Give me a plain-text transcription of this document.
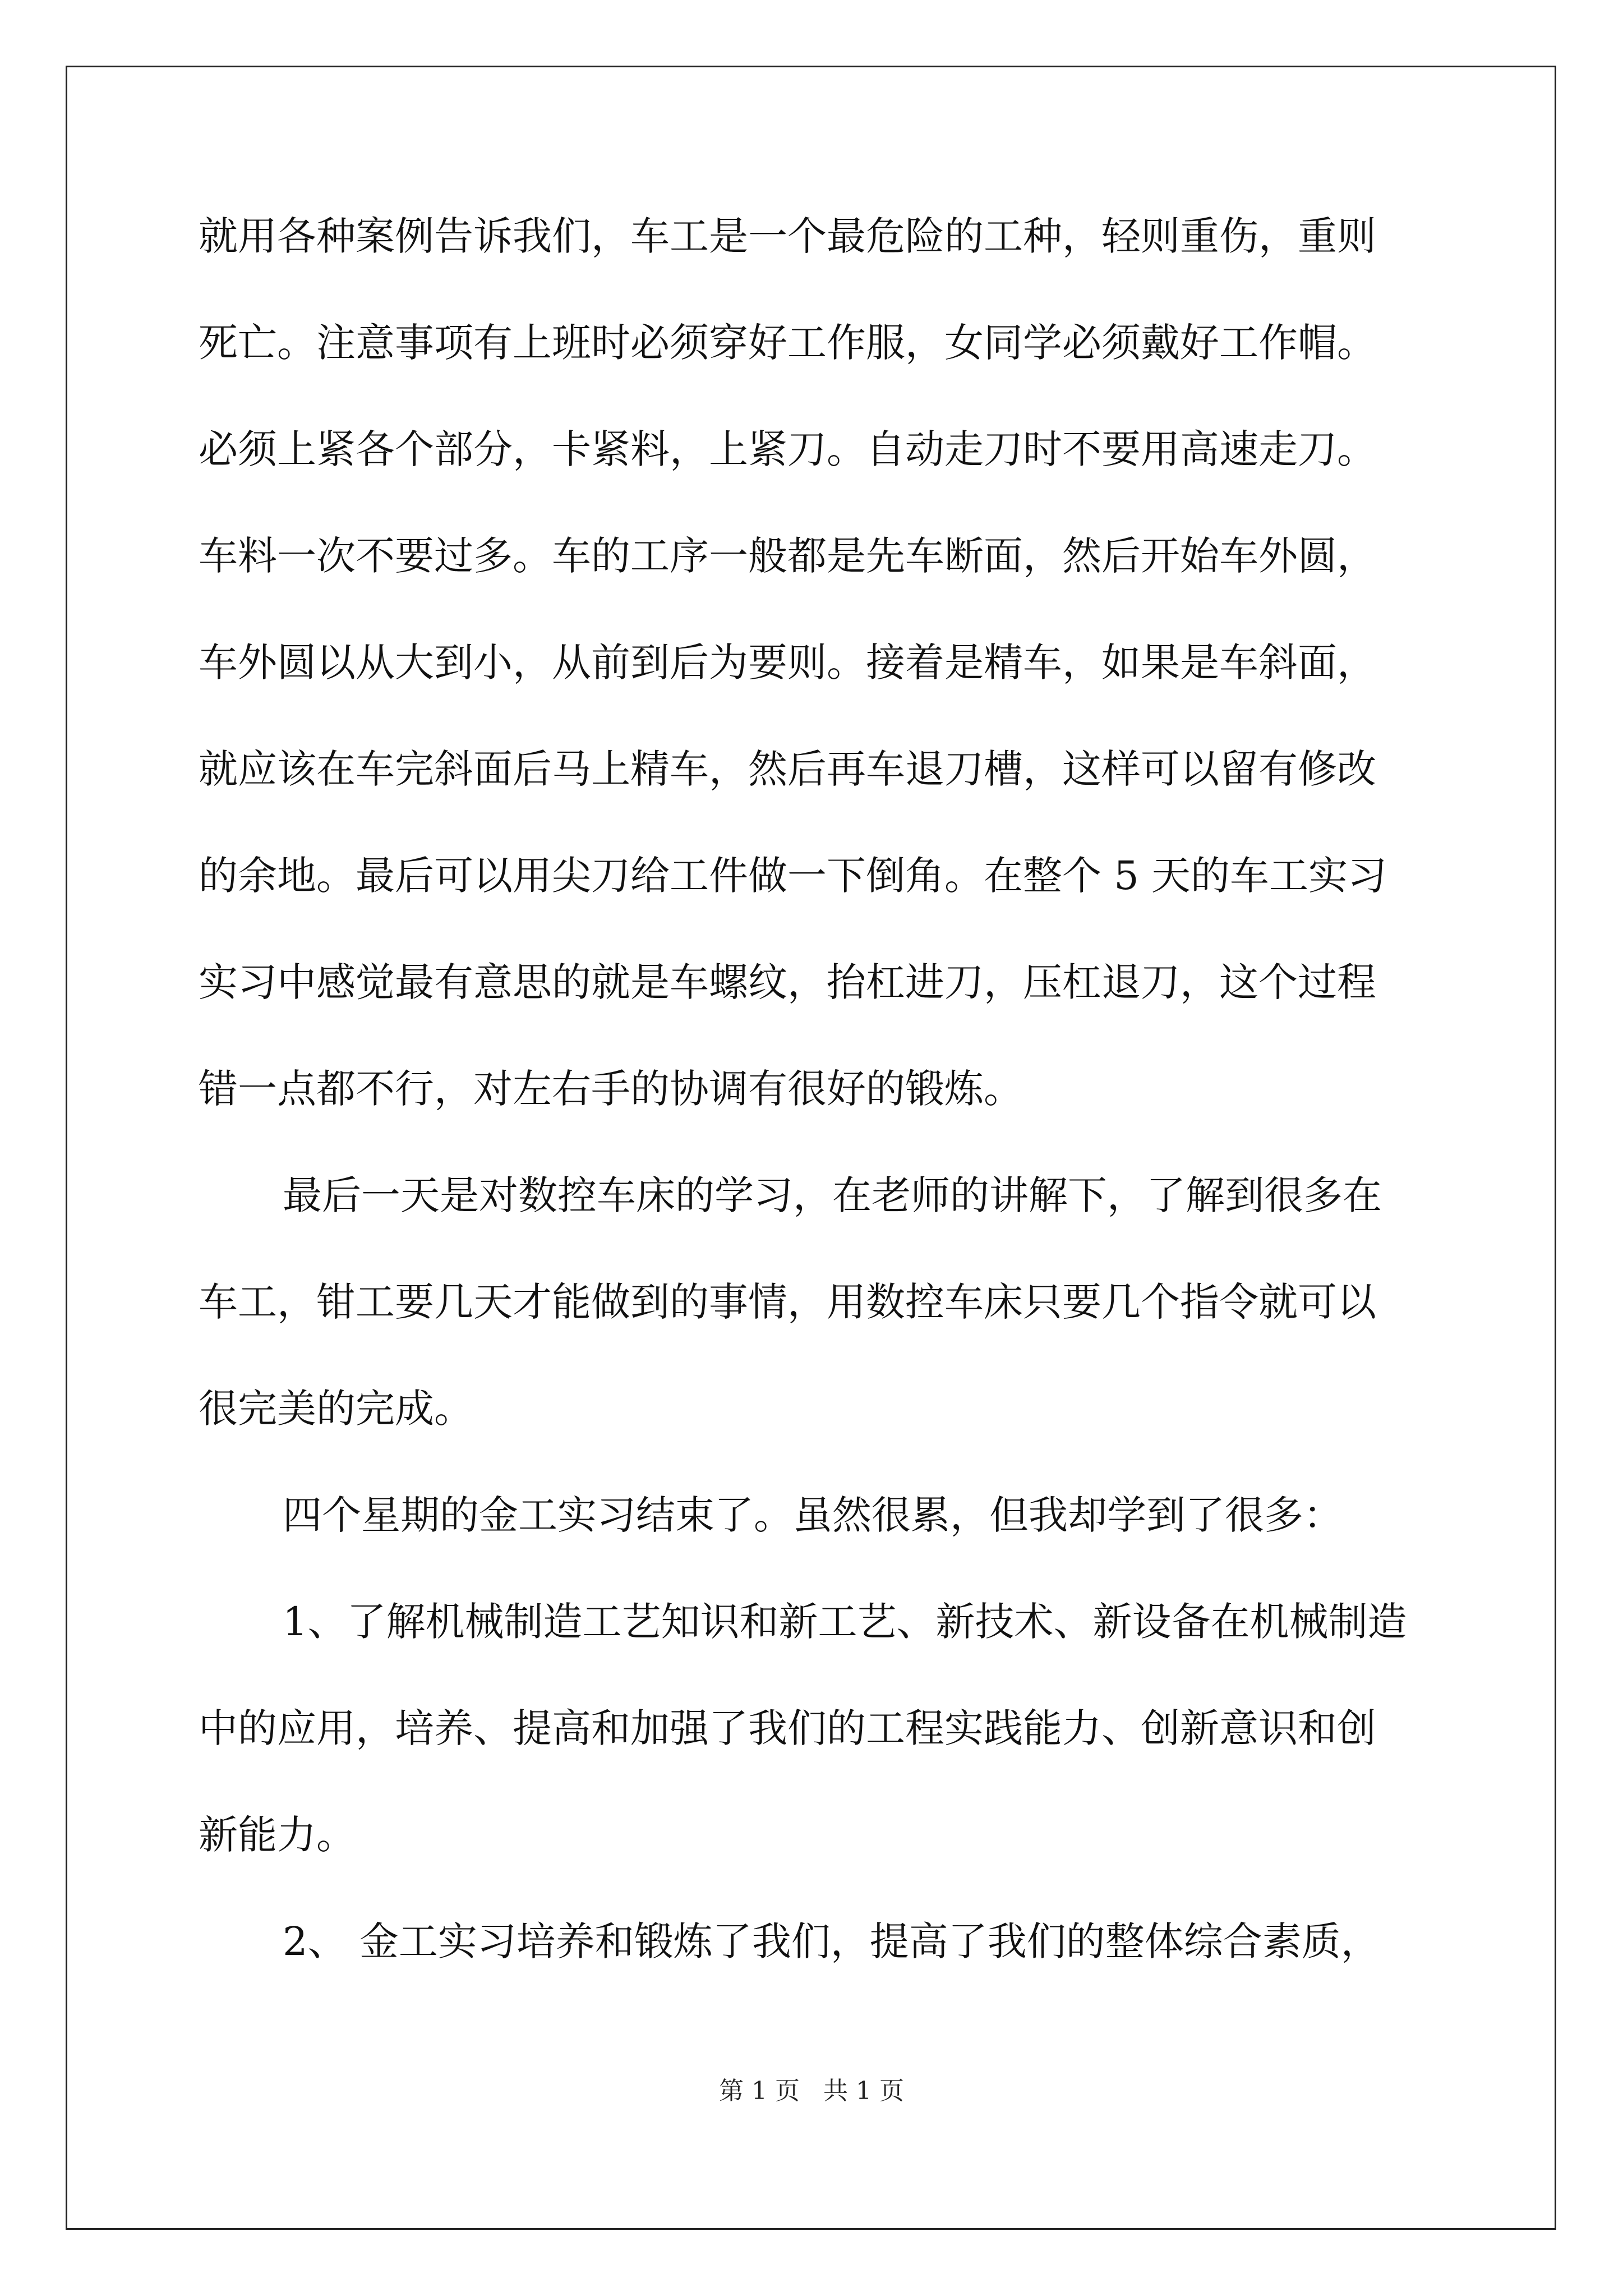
就用各种案例告诉我们，车工是一个最危险的工种，轻则重伤，重则
死亡。注意事项有上班时必须穿好工作服，女同学必须戴好工作帽。
必须上紧各个部分，卡紧料，上紧刀。自动走刀时不要用高速走刀。
车料一次不要过多。车的工序一般都是先车断面，然后开始车外圆，
车外圆以从大到小，从前到后为要则。接着是精车，如果是车斜面，
就应该在车完斜面后马上精车，然后再车退刀槽，这样可以留有修改
的余地。最后可以用尖刀给工件做一下倒角。在整个 5 天的车工实习
实习中感觉最有意思的就是车螺纹，抬杠进刀，压杠退刀，这个过程
错一点都不行，对左右手的协调有很好的锻炼。
最后一天是对数控车床的学习，在老师的讲解下，了解到很多在
车工，钳工要几天才能做到的事情，用数控车床只要几个指令就可以
很完美的完成。
四个星期的金工实习结束了。虽然很累，但我却学到了很多：
1、了解机械制造工艺知识和新工艺、新技术、新设备在机械制造
中的应用，培养、提高和加强了我们的工程实践能力、创新意识和创
新能力。
2、 金工实习培养和锻炼了我们，提高了我们的整体综合素质，
第 1 页   共 1 页
